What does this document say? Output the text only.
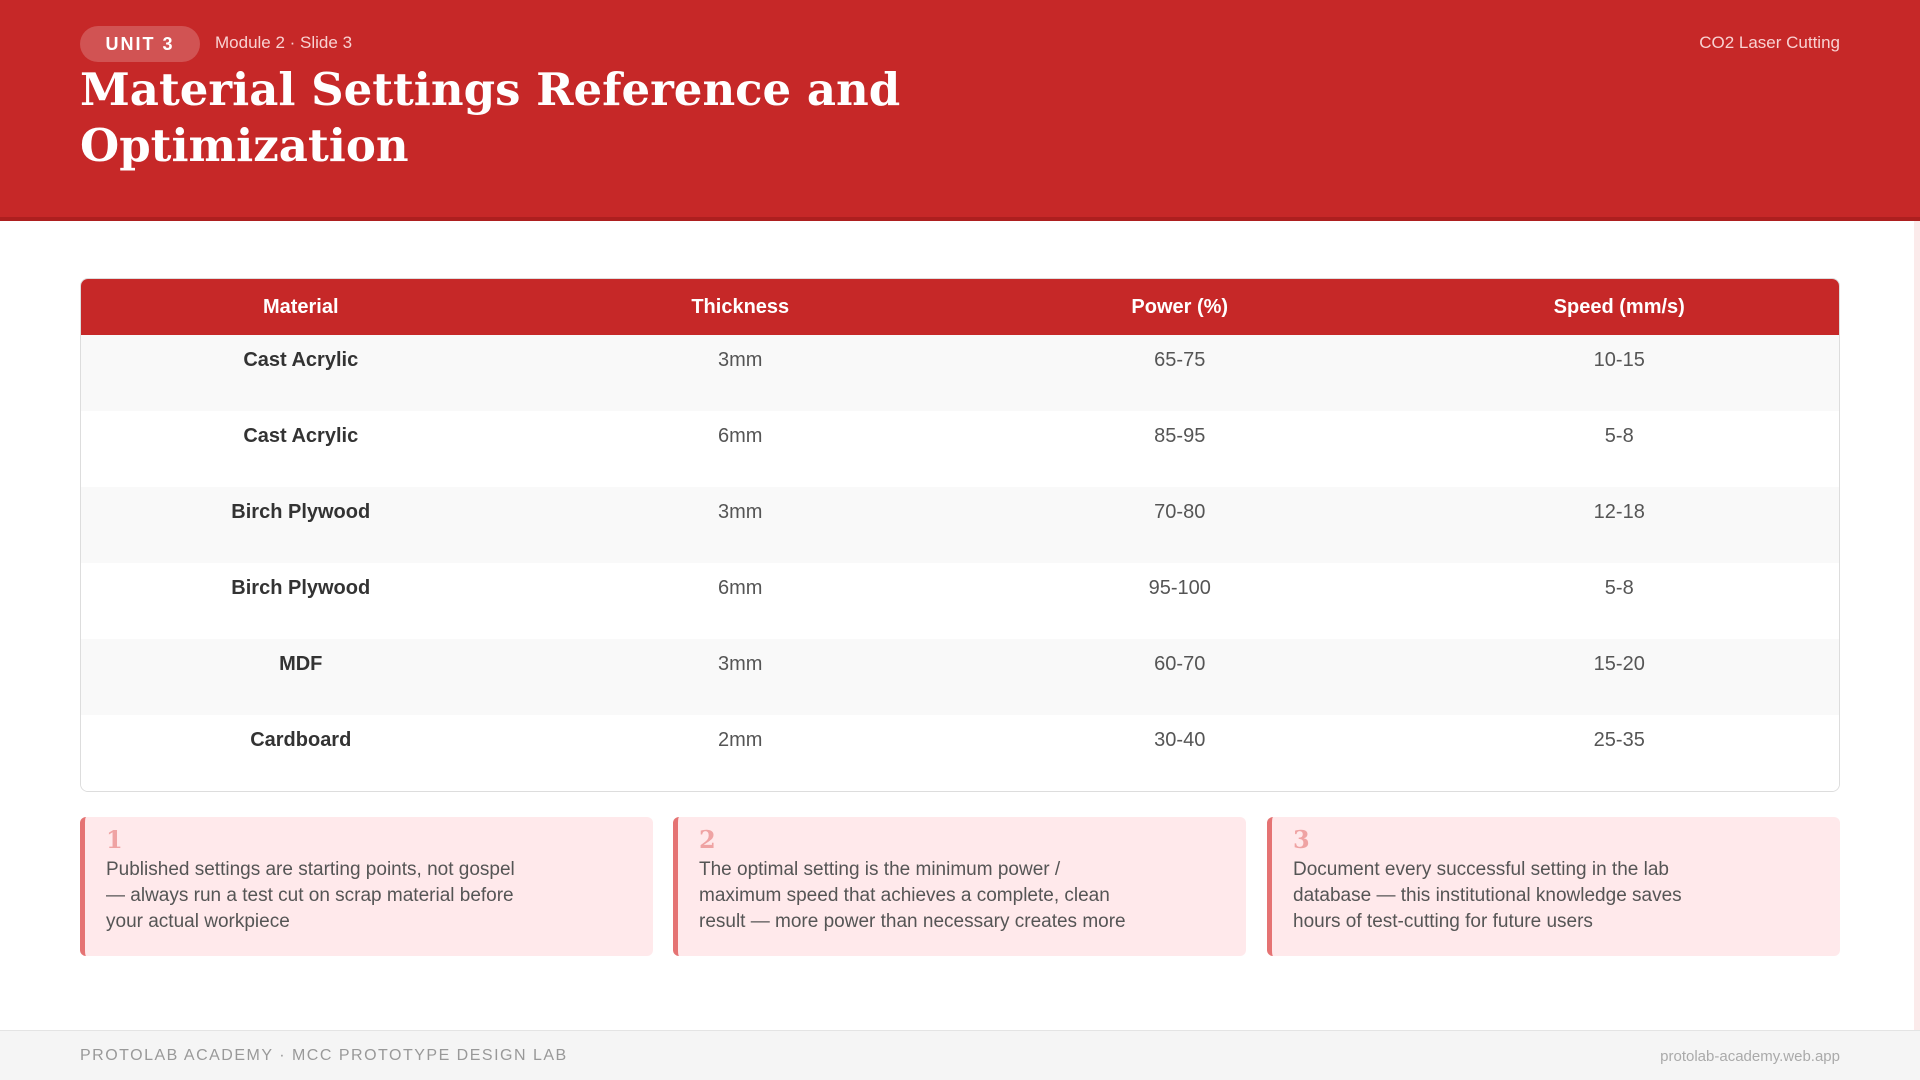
UNIT 3	Module 2 · Slide 3	CO2 Laser Cutting
Material Settings Reference and Optimization
Material	Thickness	Power (%)	Speed (mm/s)
Cast Acrylic	3mm	65-75	10-15
Cast Acrylic	6mm	85-95	5-8
Birch Plywood	3mm	70-80	12-18
Birch Plywood	6mm	95-100	5-8
MDF	3mm	60-70	15-20
Cardboard	2mm	30-40	25-35
1
Published settings are starting points, not gospel — always run a test cut on scrap material before your actual workpiece
2
The optimal setting is the minimum power / maximum speed that achieves a complete, clean result — more power than necessary creates more
3
Document every successful setting in the lab database — this institutional knowledge saves hours of test-cutting for future users
PROTOLAB ACADEMY · MCC PROTOTYPE DESIGN LAB	protolab-academy.web.app
